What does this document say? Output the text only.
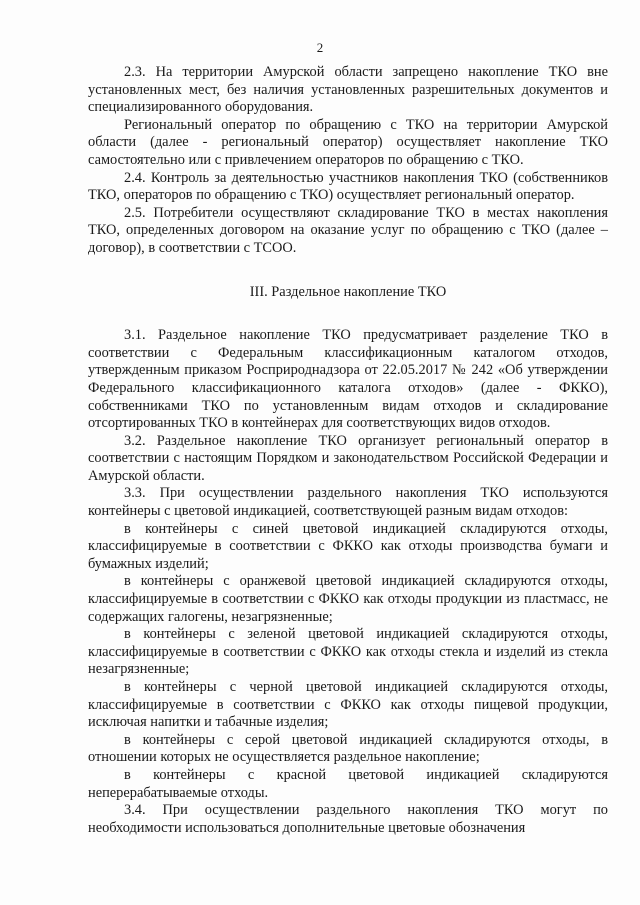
2

2.3. На территории Амурской области запрещено накопление ТКО вне установленных мест, без наличия установленных разрешительных документов и специализированного оборудования.

Региональный оператор по обращению с ТКО на территории Амурской области (далее - региональный оператор) осуществляет накопление ТКО самостоятельно или с привлечением операторов по обращению с ТКО.

2.4. Контроль за деятельностью участников накопления ТКО (собственников ТКО, операторов по обращению с ТКО) осуществляет региональный оператор.

2.5. Потребители осуществляют складирование ТКО в местах накопления ТКО, определенных договором на оказание услуг по обращению с ТКО (далее – договор), в соответствии с ТСОО.

III. Раздельное накопление ТКО

3.1. Раздельное накопление ТКО предусматривает разделение ТКО в соответствии с Федеральным классификационным каталогом отходов, утвержденным приказом Росприроднадзора от 22.05.2017 № 242 «Об утверждении Федерального классификационного каталога отходов» (далее - ФККО), собственниками ТКО по установленным видам отходов и складирование отсортированных ТКО в контейнерах для соответствующих видов отходов.

3.2. Раздельное накопление ТКО организует региональный оператор в соответствии с настоящим Порядком и законодательством Российской Федерации и Амурской области.

3.3. При осуществлении раздельного накопления ТКО используются контейнеры с цветовой индикацией, соответствующей разным видам отходов:

в контейнеры с синей цветовой индикацией складируются отходы, классифицируемые в соответствии с ФККО как отходы производства бумаги и бумажных изделий;

в контейнеры с оранжевой цветовой индикацией складируются отходы, классифицируемые в соответствии с ФККО как отходы продукции из пластмасс, не содержащих галогены, незагрязненные;

в контейнеры с зеленой цветовой индикацией складируются отходы, классифицируемые в соответствии с ФККО как отходы стекла и изделий из стекла незагрязненные;

в контейнеры с черной цветовой индикацией складируются отходы, классифицируемые в соответствии с ФККО как отходы пищевой продукции, исключая напитки и табачные изделия;

в контейнеры с серой цветовой индикацией складируются отходы, в отношении которых не осуществляется раздельное накопление;

в контейнеры с красной цветовой индикацией складируются неперерабатываемые отходы.

3.4. При осуществлении раздельного накопления ТКО могут по необходимости использоваться дополнительные цветовые обозначения
